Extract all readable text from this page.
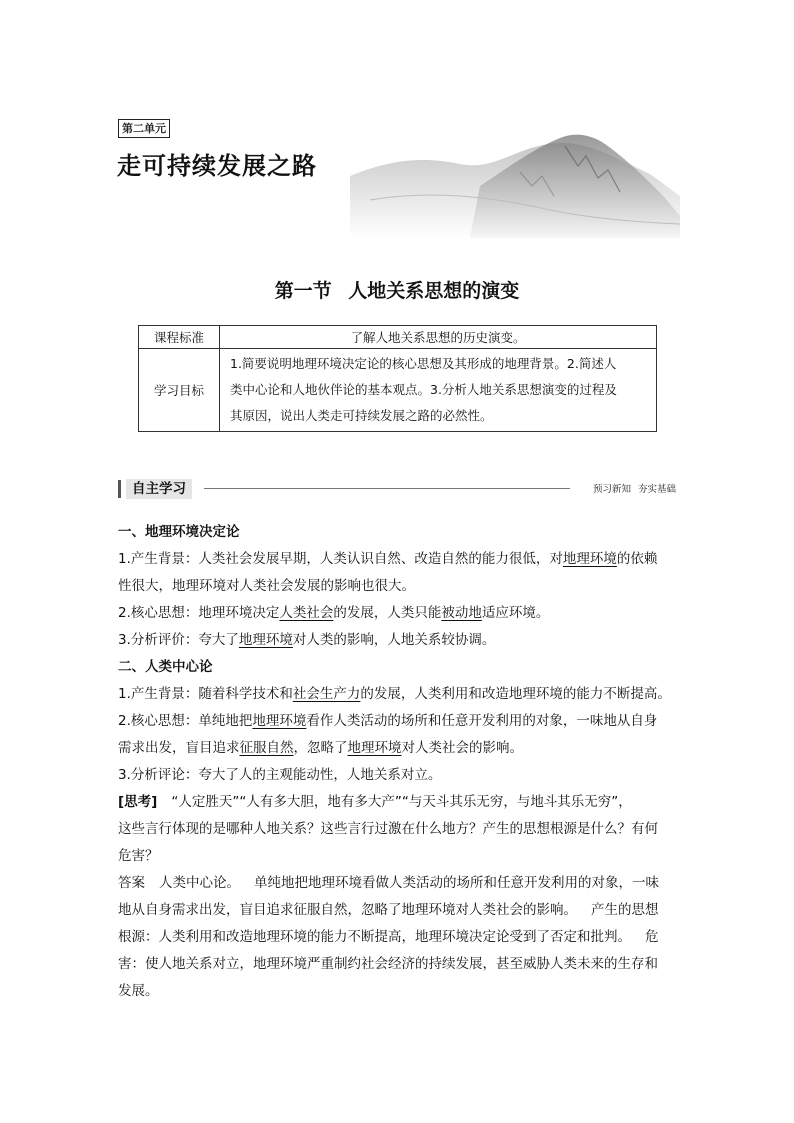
第二单元
走可持续发展之路
第一节 人地关系思想的演变
课程标准	了解人地关系思想的历史演变。
学习目标	1.简要说明地理环境决定论的核心思想及其形成的地理背景。2.简述人
类中心论和人地伙伴论的基本观点。3.分析人地关系思想演变的过程及
其原因，说出人类走可持续发展之路的必然性。
自主学习	预习新知 夯实基础

一、地理环境决定论

1.产生背景：人类社会发展早期，人类认识自然、改造自然的能力很低，对地理环境的依赖

性很大，地理环境对人类社会发展的影响也很大。

2.核心思想：地理环境决定人类社会的发展，人类只能被动地适应环境。

3.分析评价：夸大了地理环境对人类的影响，人地关系较协调。

二、人类中心论

1.产生背景：随着科学技术和社会生产力的发展，人类利用和改造地理环境的能力不断提高。

2.核心思想：单纯地把地理环境看作人类活动的场所和任意开发利用的对象，一味地从自身

需求出发，盲目追求征服自然，忽略了地理环境对人类社会的影响。

3.分析评论：夸大了人的主观能动性，人地关系对立。

[思考] “人定胜天”“人有多大胆，地有多大产”“与天斗其乐无穷，与地斗其乐无穷”，

这些言行体现的是哪种人地关系？这些言行过激在什么地方？产生的思想根源是什么？有何

危害？

答案 人类中心论。 单纯地把地理环境看做人类活动的场所和任意开发利用的对象，一味

地从自身需求出发，盲目追求征服自然，忽略了地理环境对人类社会的影响。 产生的思想

根源：人类利用和改造地理环境的能力不断提高，地理环境决定论受到了否定和批判。 危

害：使人地关系对立，地理环境严重制约社会经济的持续发展，甚至威胁人类未来的生存和

发展。
